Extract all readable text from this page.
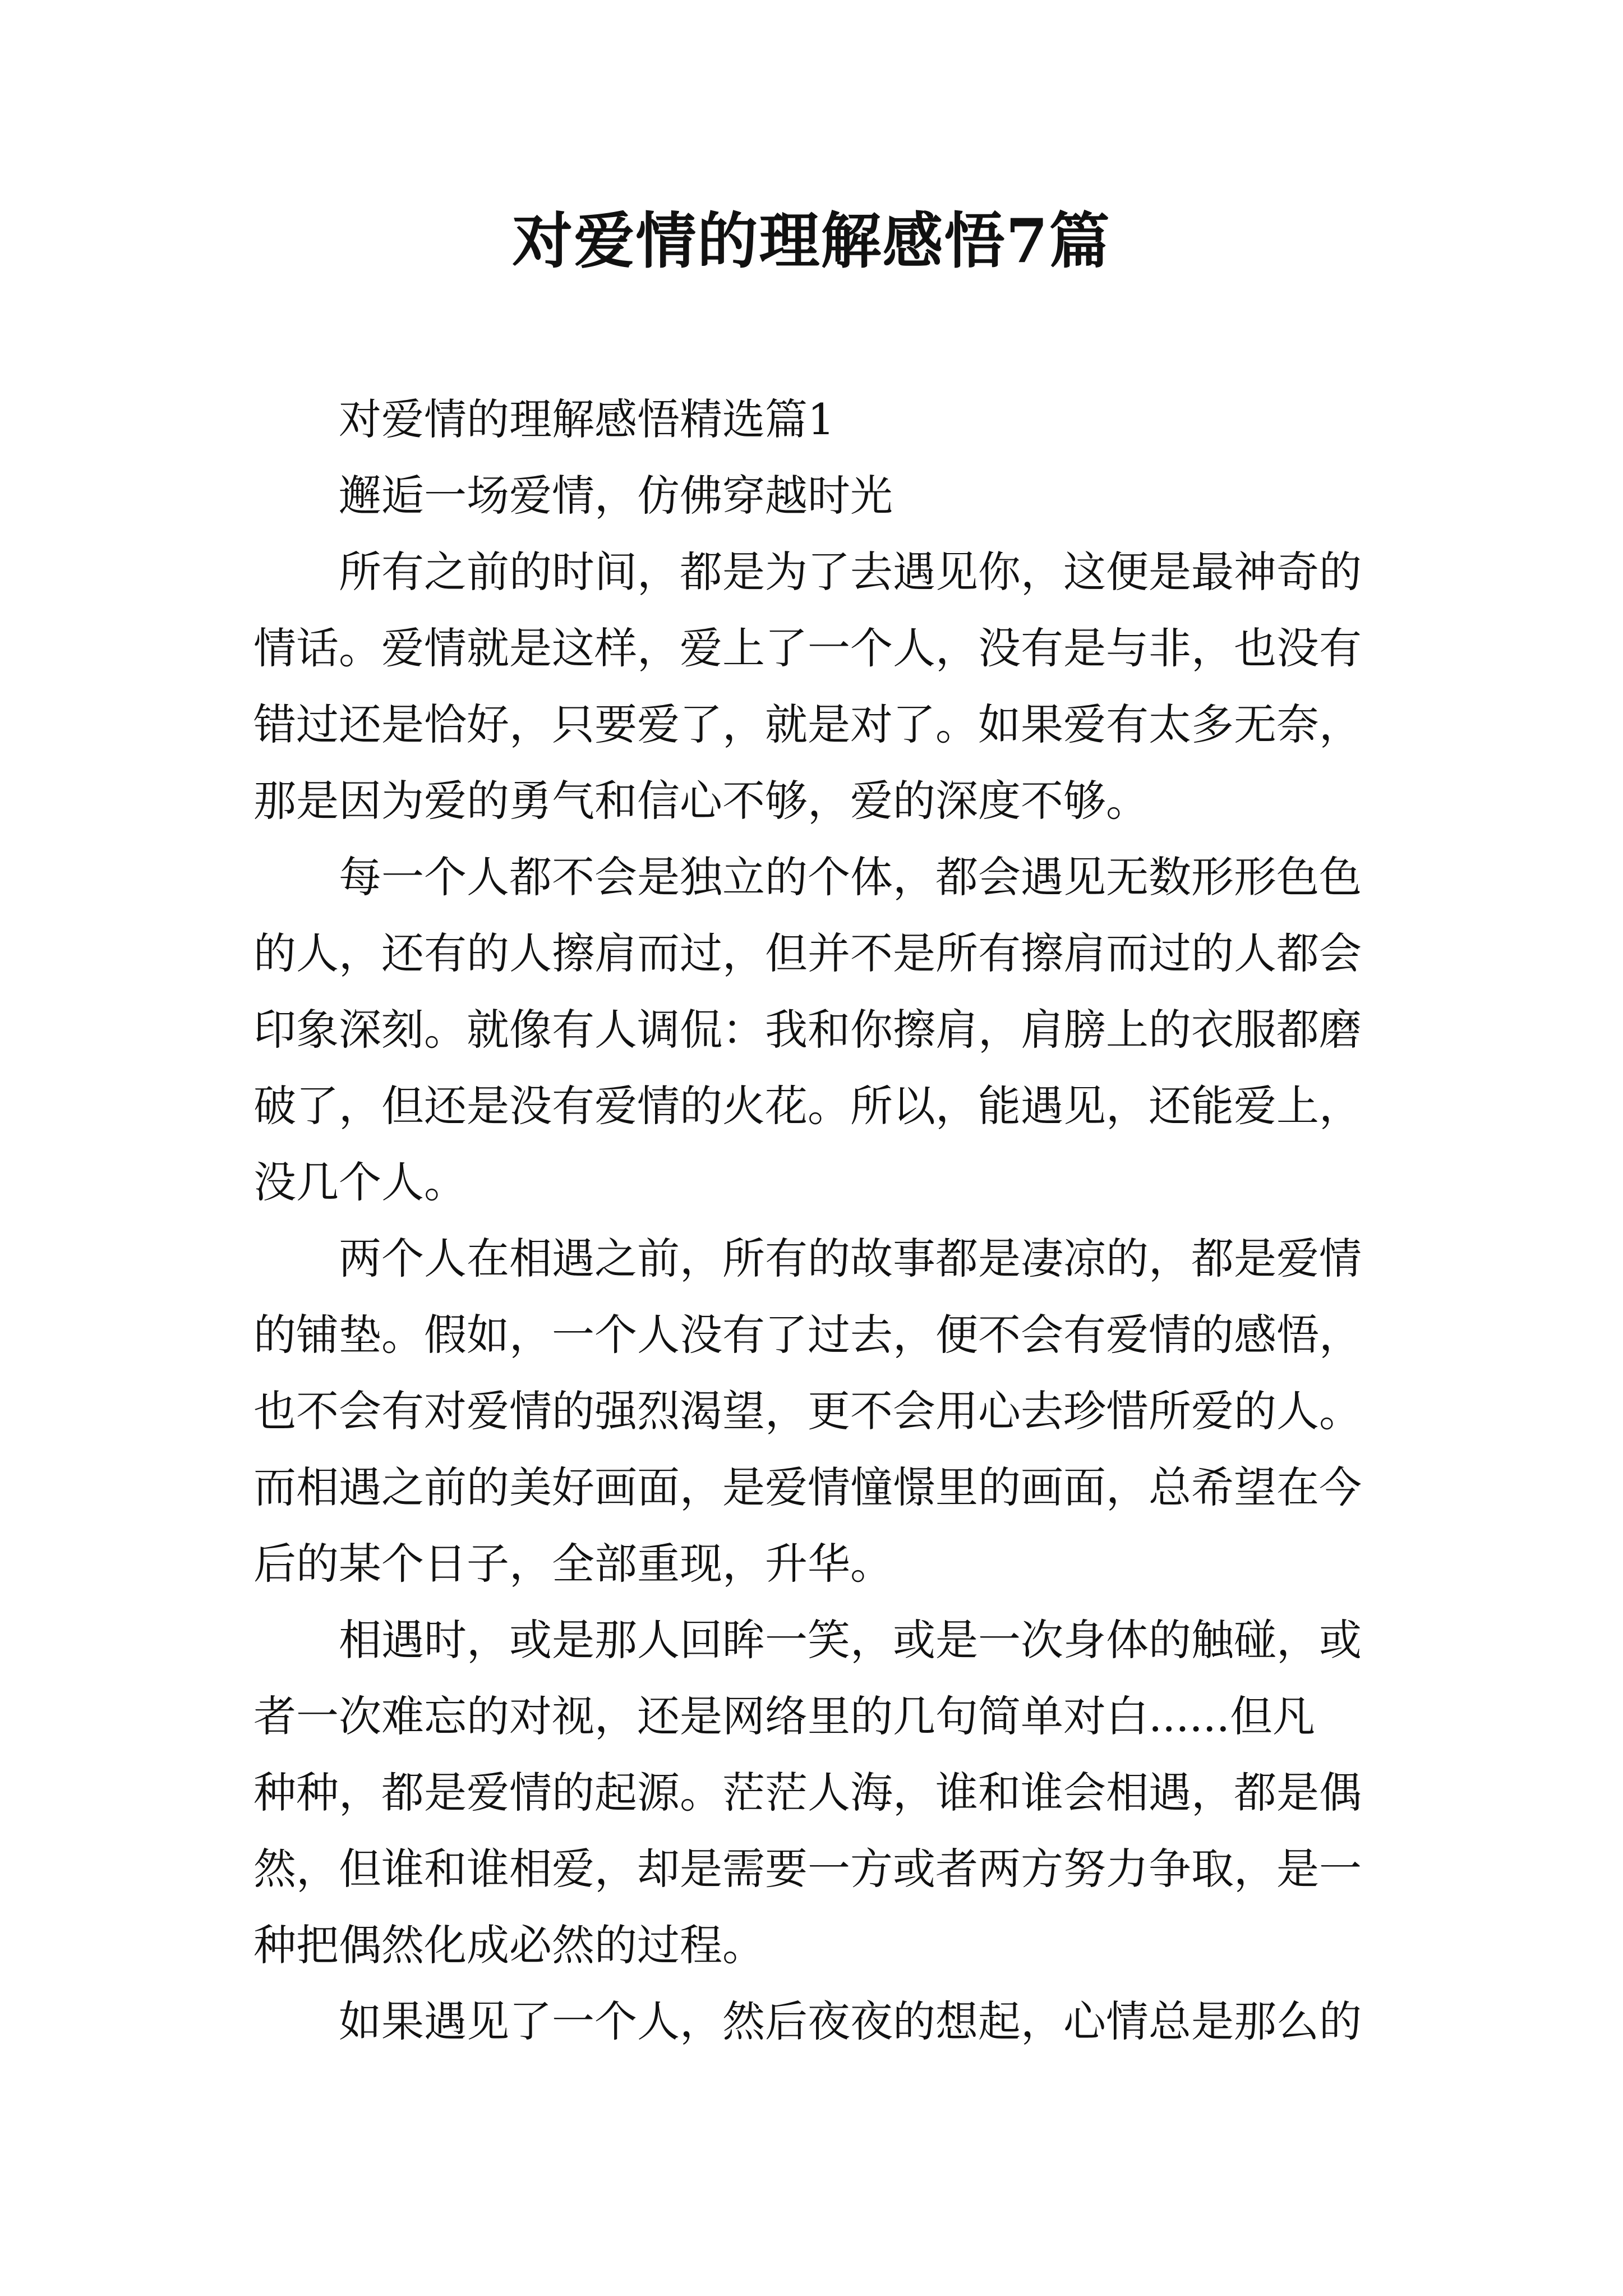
对爱情的理解感悟7篇

对爱情的理解感悟精选篇1

邂逅一场爱情，仿佛穿越时光

所有之前的时间，都是为了去遇见你，这便是最神奇的

情话。爱情就是这样，爱上了一个人，没有是与非，也没有

错过还是恰好，只要爱了，就是对了。如果爱有太多无奈，

那是因为爱的勇气和信心不够，爱的深度不够。

每一个人都不会是独立的个体，都会遇见无数形形色色

的人，还有的人擦肩而过，但并不是所有擦肩而过的人都会

印象深刻。就像有人调侃：我和你擦肩，肩膀上的衣服都磨

破了，但还是没有爱情的火花。所以，能遇见，还能爱上，

没几个人。

两个人在相遇之前，所有的故事都是凄凉的，都是爱情

的铺垫。假如，一个人没有了过去，便不会有爱情的感悟，

也不会有对爱情的强烈渴望，更不会用心去珍惜所爱的人。

而相遇之前的美好画面，是爱情憧憬里的画面，总希望在今

后的某个日子，全部重现，升华。

相遇时，或是那人回眸一笑，或是一次身体的触碰，或

者一次难忘的对视，还是网络里的几句简单对白......但凡

种种，都是爱情的起源。茫茫人海，谁和谁会相遇，都是偶

然，但谁和谁相爱，却是需要一方或者两方努力争取，是一

种把偶然化成必然的过程。

如果遇见了一个人，然后夜夜的想起，心情总是那么的
